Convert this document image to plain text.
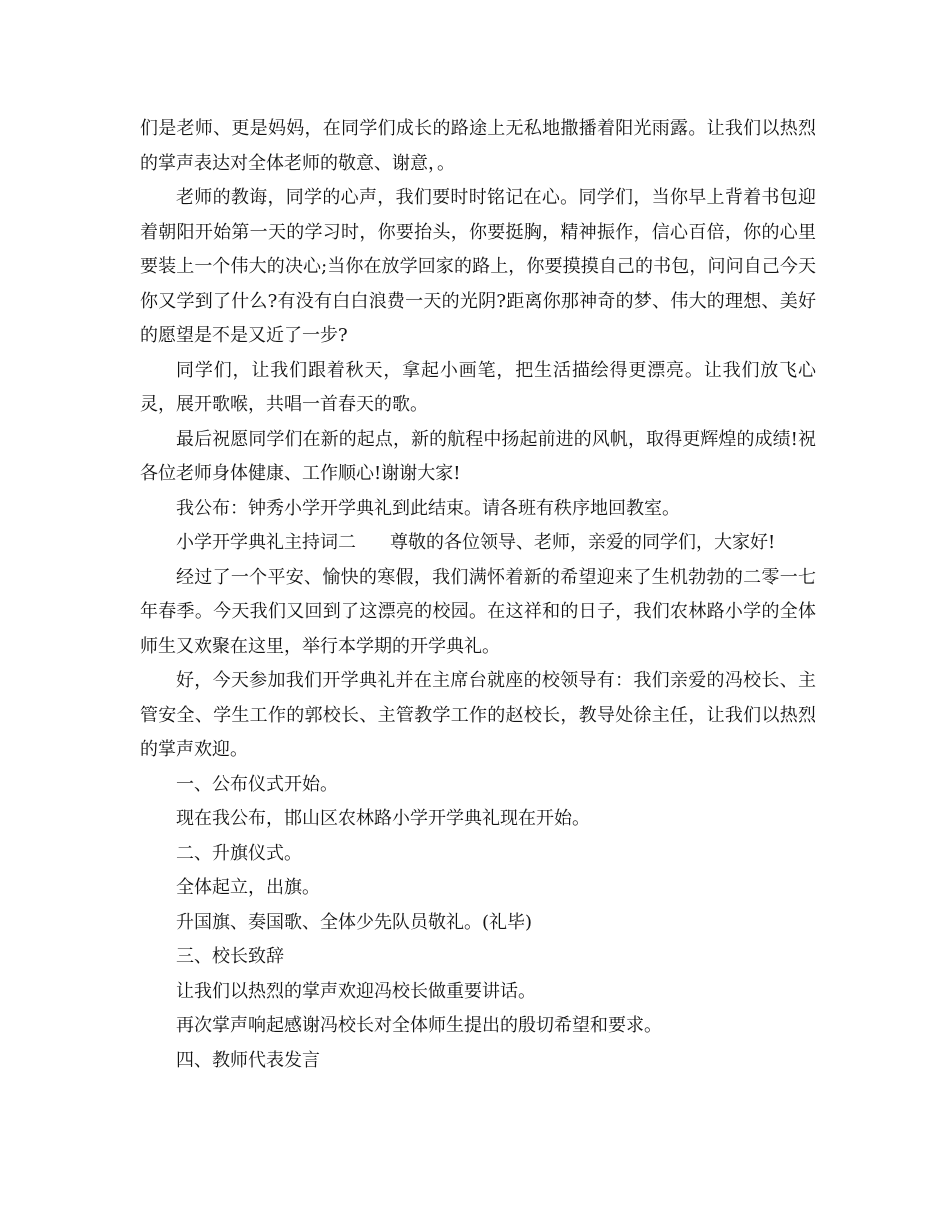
们是老师、更是妈妈，在同学们成长的路途上无私地撒播着阳光雨露。让我们以热烈的掌声表达对全体老师的敬意、谢意，。

老师的教诲，同学的心声，我们要时时铭记在心。同学们，当你早上背着书包迎着朝阳开始第一天的学习时，你要抬头，你要挺胸，精神振作，信心百倍，你的心里要装上一个伟大的决心;当你在放学回家的路上，你要摸摸自己的书包，问问自己今天你又学到了什么?有没有白白浪费一天的光阴?距离你那神奇的梦、伟大的理想、美好的愿望是不是又近了一步?

同学们，让我们跟着秋天，拿起小画笔，把生活描绘得更漂亮。让我们放飞心灵，展开歌喉，共唱一首春天的歌。

最后祝愿同学们在新的起点，新的航程中扬起前进的风帆，取得更辉煌的成绩!祝各位老师身体健康、工作顺心!谢谢大家!

我公布：钟秀小学开学典礼到此结束。请各班有秩序地回教室。

小学开学典礼主持词二 尊敬的各位领导、老师，亲爱的同学们，大家好!

经过了一个平安、愉快的寒假，我们满怀着新的希望迎来了生机勃勃的二零一七年春季。今天我们又回到了这漂亮的校园。在这祥和的日子，我们农林路小学的全体师生又欢聚在这里，举行本学期的开学典礼。

好，今天参加我们开学典礼并在主席台就座的校领导有：我们亲爱的冯校长、主管安全、学生工作的郭校长、主管教学工作的赵校长，教导处徐主任，让我们以热烈的掌声欢迎。

一、公布仪式开始。

现在我公布，邯山区农林路小学开学典礼现在开始。

二、升旗仪式。

全体起立，出旗。

升国旗、奏国歌、全体少先队员敬礼。(礼毕)

三、校长致辞

让我们以热烈的掌声欢迎冯校长做重要讲话。

再次掌声响起感谢冯校长对全体师生提出的殷切希望和要求。

四、教师代表发言
